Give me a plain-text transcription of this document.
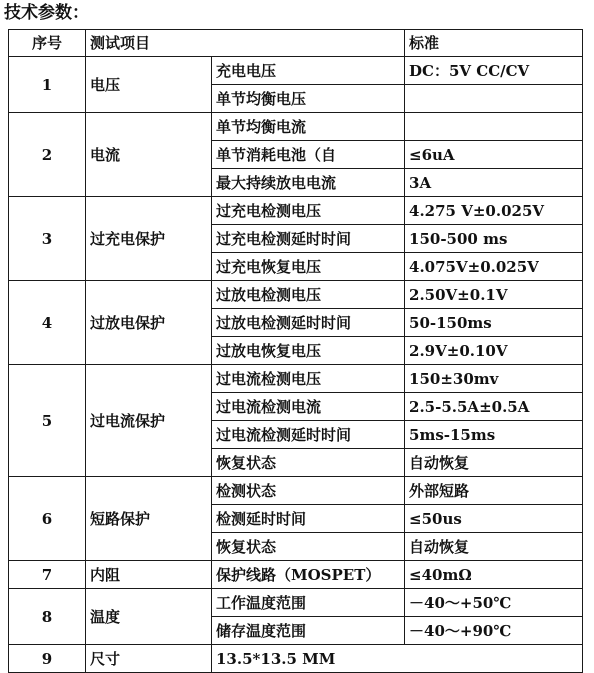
技术参数：
序号	测试项目		标准
1	电压	充电电压	DC：5V CC/CV
		单节均衡电压	
2	电流	单节均衡电流	
		单节消耗电池（自	≤6uA
		最大持续放电电流	3A
3	过充电保护	过充电检测电压	4.275 V±0.025V
		过充电检测延时时间	150-500 ms
		过充电恢复电压	4.075V±0.025V
4	过放电保护	过放电检测电压	2.50V±0.1V
		过放电检测延时时间	50-150ms
		过放电恢复电压	2.9V±0.10V
5	过电流保护	过电流检测电压	150±30mv
		过电流检测电流	2.5-5.5A±0.5A
		过电流检测延时时间	5ms-15ms
		恢复状态	自动恢复
6	短路保护	检测状态	外部短路
		检测延时时间	≤50us
		恢复状态	自动恢复
7	内阻	保护线路（MOSPET）	≤40mΩ
8	温度	工作温度范围	－40～+50℃
		储存温度范围	－40～+90℃
9	尺寸	13.5*13.5 MM	
